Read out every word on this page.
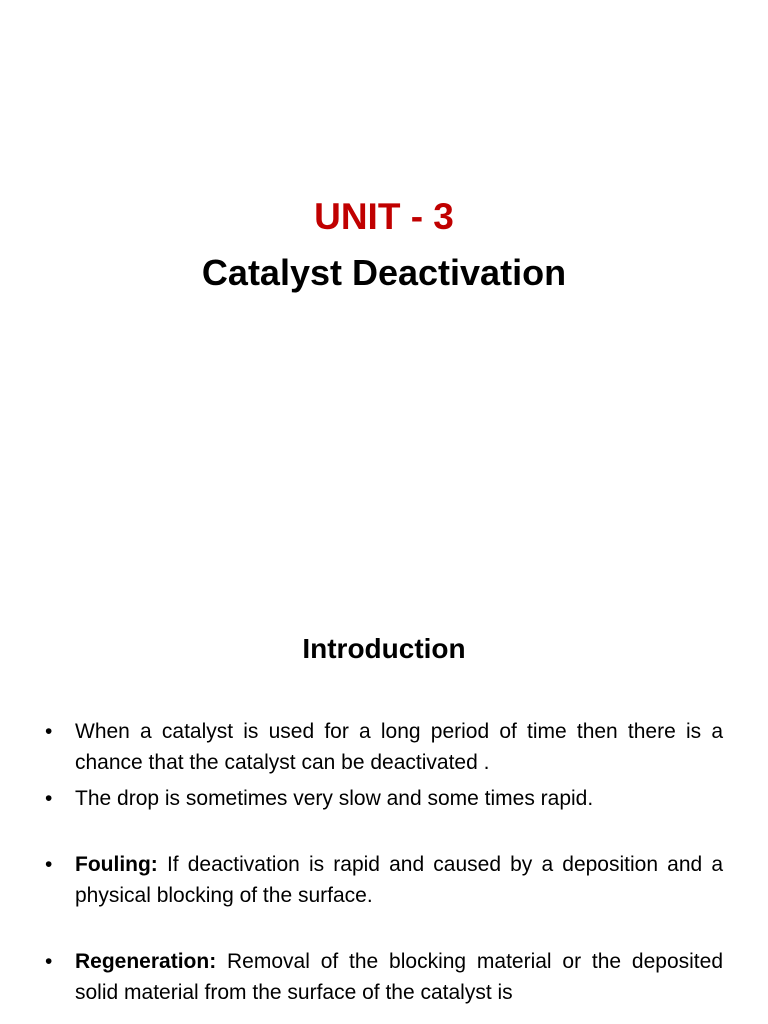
UNIT - 3
Catalyst Deactivation
Introduction
•	When a catalyst is used for a long period of time then there is a chance that the catalyst can be deactivated .
•	The drop is sometimes very slow and some times rapid.
•	Fouling: If deactivation is rapid and caused by a deposition and a physical blocking of the surface.
•	Regeneration: Removal of the blocking material or the deposited solid material from the surface of the catalyst is
